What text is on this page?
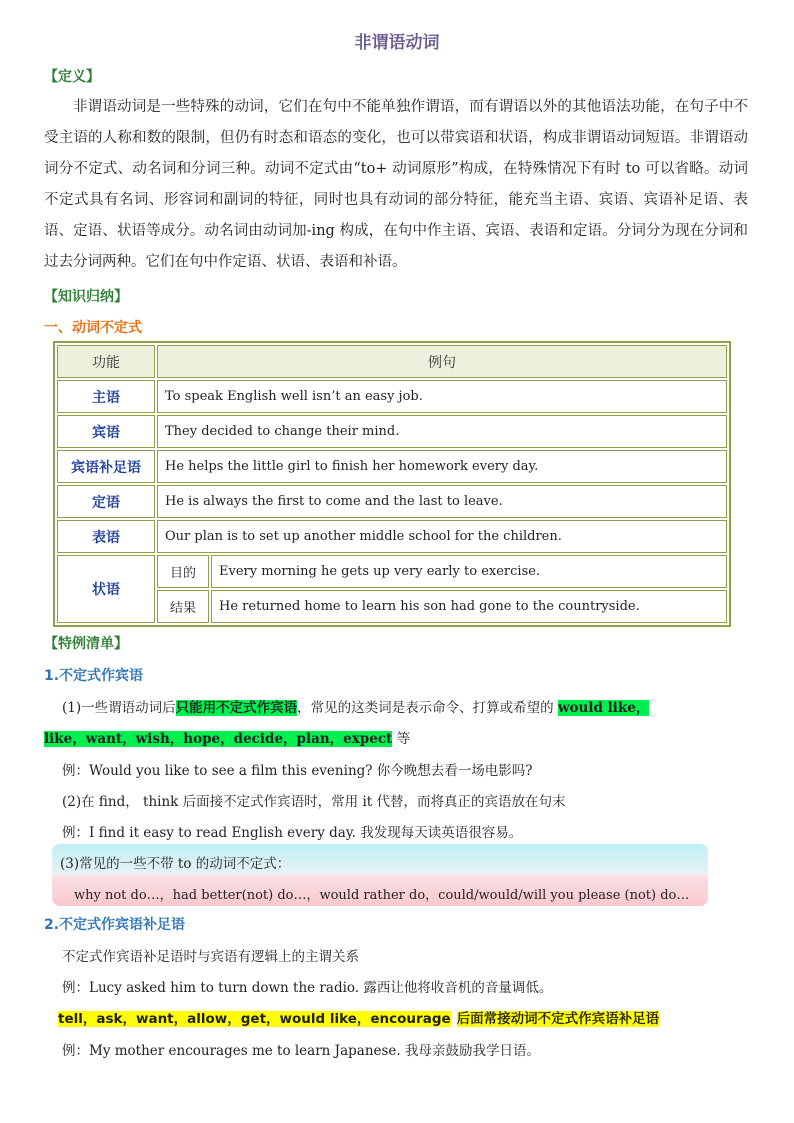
非谓语动词
【定义】
非谓语动词是一些特殊的动词，它们在句中不能单独作谓语，而有谓语以外的其他语法功能，在句子中不受主语的人称和数的限制，但仍有时态和语态的变化，也可以带宾语和状语，构成非谓语动词短语。非谓语动词分不定式、动名词和分词三种。动词不定式由“to+ 动词原形”构成，在特殊情况下有时 to 可以省略。动词不定式具有名词、形容词和副词的特征，同时也具有动词的部分特征，能充当主语、宾语、宾语补足语、表语、定语、状语等成分。动名词由动词加-ing 构成，在句中作主语、宾语、表语和定语。分词分为现在分词和过去分词两种。它们在句中作定语、状语、表语和补语。
【知识归纳】
一、动词不定式
功能	例句	
主语	To speak English well isn’t an easy job.	
宾语	They decided to change their mind.	
宾语补足语	He helps the little girl to finish her homework every day.	
定语	He is always the first to come and the last to leave.	
表语	Our plan is to set up another middle school for the children.	
状语	目的	Every morning he gets up very early to exercise.
	结果	He returned home to learn his son had gone to the countryside.
【特例清单】
1.不定式作宾语
(1)一些谓语动词后只能用不定式作宾语，常见的这类词是表示命令、打算或希望的 would like，
like，want，wish，hope，decide，plan，expect 等
例：Would you like to see a film this evening? 你今晚想去看一场电影吗?
(2)在 find， think 后面接不定式作宾语时，常用 it 代替，而将真正的宾语放在句末
例：I find it easy to read English every day. 我发现每天读英语很容易。
(3)常见的一些不带 to 的动词不定式：
why not do…，had better(not) do…，would rather do，could/would/will you please (not) do…
2.不定式作宾语补足语
不定式作宾语补足语时与宾语有逻辑上的主谓关系
例：Lucy asked him to turn down the radio. 露西让他将收音机的音量调低。
tell，ask，want，allow，get，would like，encourage 后面常接动词不定式作宾语补足语
例：My mother encourages me to learn Japanese. 我母亲鼓励我学日语。
